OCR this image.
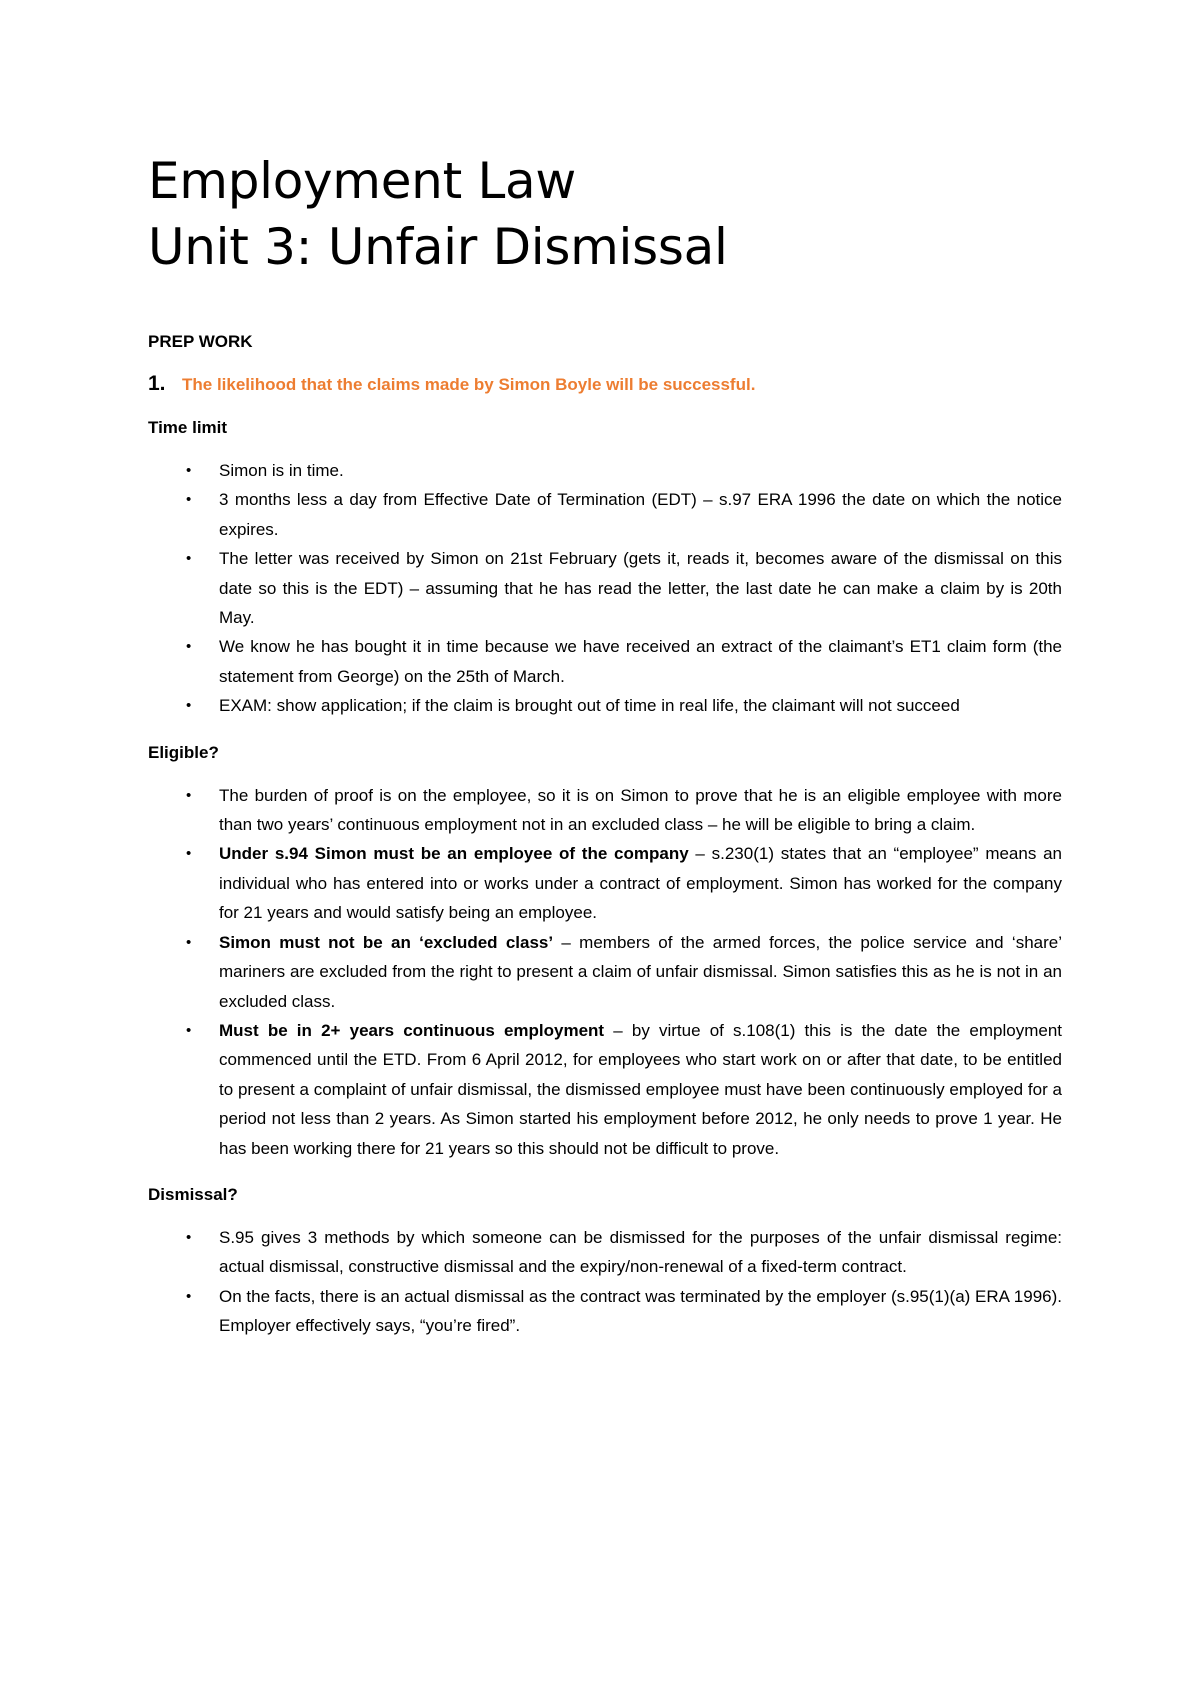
Employment Law
Unit 3: Unfair Dismissal

PREP WORK

1. The likelihood that the claims made by Simon Boyle will be successful.

Time limit

• Simon is in time.
• 3 months less a day from Effective Date of Termination (EDT) – s.97 ERA 1996 the date on which the notice expires.
• The letter was received by Simon on 21st February (gets it, reads it, becomes aware of the dismissal on this date so this is the EDT) – assuming that he has read the letter, the last date he can make a claim by is 20th May.
• We know he has bought it in time because we have received an extract of the claimant’s ET1 claim form (the statement from George) on the 25th of March.
• EXAM: show application; if the claim is brought out of time in real life, the claimant will not succeed

Eligible?

• The burden of proof is on the employee, so it is on Simon to prove that he is an eligible employee with more than two years’ continuous employment not in an excluded class – he will be eligible to bring a claim.
• Under s.94 Simon must be an employee of the company – s.230(1) states that an “employee” means an individual who has entered into or works under a contract of employment. Simon has worked for the company for 21 years and would satisfy being an employee.
• Simon must not be an ‘excluded class’ – members of the armed forces, the police service and ‘share’ mariners are excluded from the right to present a claim of unfair dismissal. Simon satisfies this as he is not in an excluded class.
• Must be in 2+ years continuous employment – by virtue of s.108(1) this is the date the employment commenced until the ETD. From 6 April 2012, for employees who start work on or after that date, to be entitled to present a complaint of unfair dismissal, the dismissed employee must have been continuously employed for a period not less than 2 years. As Simon started his employment before 2012, he only needs to prove 1 year. He has been working there for 21 years so this should not be difficult to prove.

Dismissal?

• S.95 gives 3 methods by which someone can be dismissed for the purposes of the unfair dismissal regime: actual dismissal, constructive dismissal and the expiry/non-renewal of a fixed-term contract.
• On the facts, there is an actual dismissal as the contract was terminated by the employer (s.95(1)(a) ERA 1996). Employer effectively says, “you’re fired”.
